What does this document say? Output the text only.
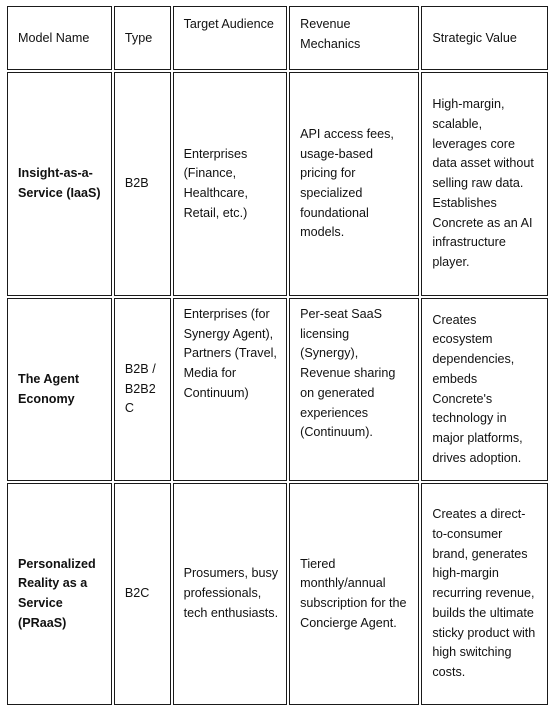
Model Name	Type	Target Audience	Revenue Mechanics	Strategic Value
Insight-as-a-Service (IaaS)	B2B	Enterprises (Finance, Healthcare, Retail, etc.)	API access fees, usage-based pricing for specialized foundational models.	High-margin, scalable, leverages core data asset without selling raw data. Establishes Concrete as an AI infrastructure player.
The Agent Economy	B2B / B2B2C	Enterprises (for Synergy Agent), Partners (Travel, Media for Continuum)	Per-seat SaaS licensing (Synergy), Revenue sharing on generated experiences (Continuum).	Creates ecosystem dependencies, embeds Concrete's technology in major platforms, drives adoption.
Personalized Reality as a Service (PRaaS)	B2C	Prosumers, busy professionals, tech enthusiasts.	Tiered monthly/annual subscription for the Concierge Agent.	Creates a direct-to-consumer brand, generates high-margin recurring revenue, builds the ultimate sticky product with high switching costs.
